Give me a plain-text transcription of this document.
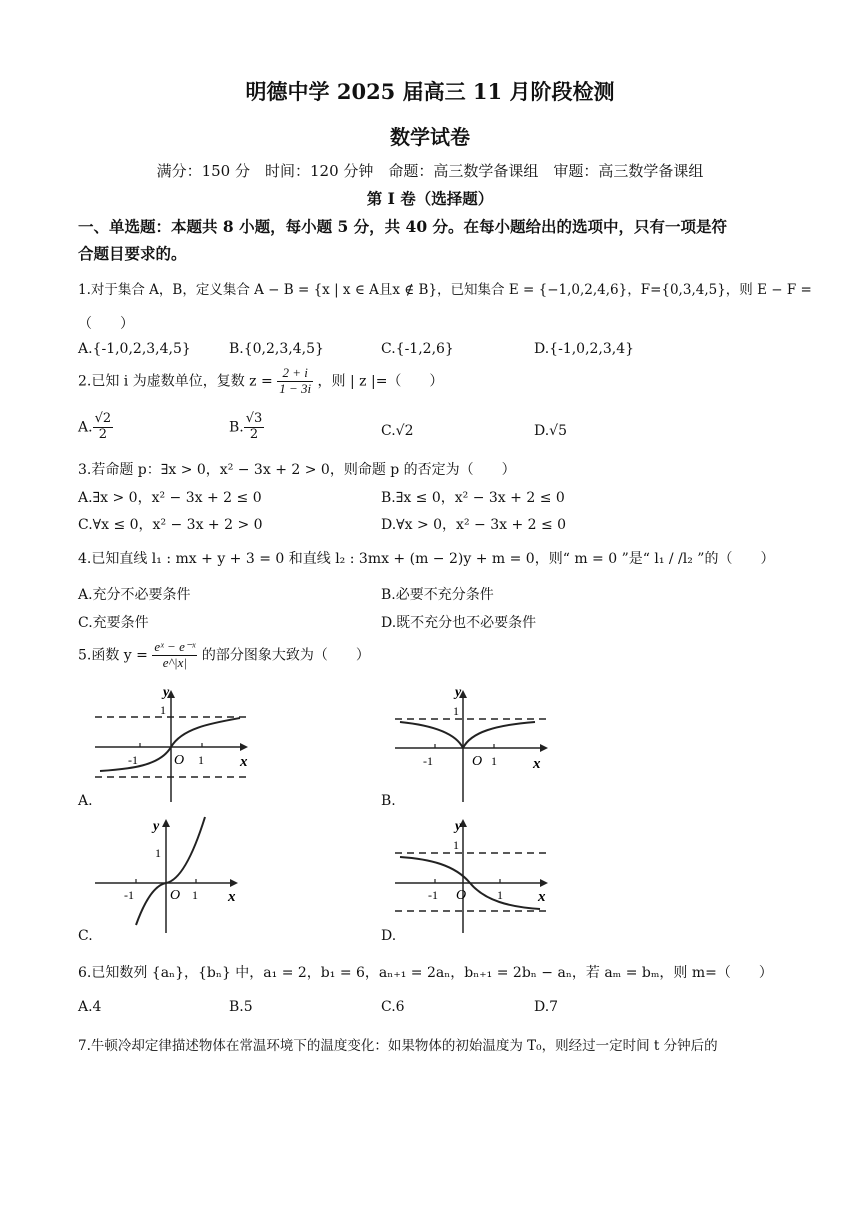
明德中学 2025 届高三 11 月阶段检测
数学试卷
满分：150 分　时间：120 分钟　命题：高三数学备课组　审题：高三数学备课组
第 Ⅰ 卷（选择题）
一、单选题：本题共 8 小题，每小题 5 分，共 40 分。在每小题给出的选项中，只有一项是符
合题目要求的。
1.对于集合 A，B，定义集合 A − B = {x | x ∈ A且x ∉ B}，已知集合 E = {−1,0,2,4,6}，F={0,3,4,5}，则 E − F =
（　　）
A.{-1,0,2,3,4,5}	B.{0,2,3,4,5}	C.{-1,2,6}	D.{-1,0,2,3,4}
2.已知 i 为虚数单位，复数 $z = \frac{2 + i}{1 - 3i}$ ，则 | z |=（　　）
A. $\frac{√2}{2}$	B. $\frac{√3}{2}$	C.√2	D.√5
3.若命题 p：∃x > 0，x² − 3x + 2 > 0，则命题 p 的否定为（　　）
A.∃x > 0，x² − 3x + 2 ≤ 0	B.∃x ≤ 0，x² − 3x + 2 ≤ 0
C.∀x ≤ 0，x² − 3x + 2 > 0	D.∀x > 0，x² − 3x + 2 ≤ 0
4.已知直线 l₁ : mx + y + 3 = 0 和直线 l₂ : 3mx + (m − 2)y + m = 0，则“ m = 0 ”是“ l₁ / /l₂ ”的（　　）
A.充分不必要条件	B.必要不充分条件
C.充要条件	D.既不充分也不必要条件
5.函数 $y = \frac{\text{eˣ − e⁻ˣ}}{e\^{}|x|}$ 的部分图象大致为（　　）
y
1
-1	O 1 x
A.
y
1
-1	O 1 x
B.
y
1
-1	O 1 x
C.
y
1
-1 O	1 x
D.
6.已知数列 {aₙ}，{bₙ} 中，a₁ = 2，b₁ = 6，aₙ₊₁ = 2aₙ，bₙ₊₁ = 2bₙ − aₙ，若 aₘ = bₘ，则 m=（　　）
A.4	B.5	C.6	D.7
7.牛顿冷却定律描述物体在常温环境下的温度变化：如果物体的初始温度为 T₀，则经过一定时间 t 分钟后的
